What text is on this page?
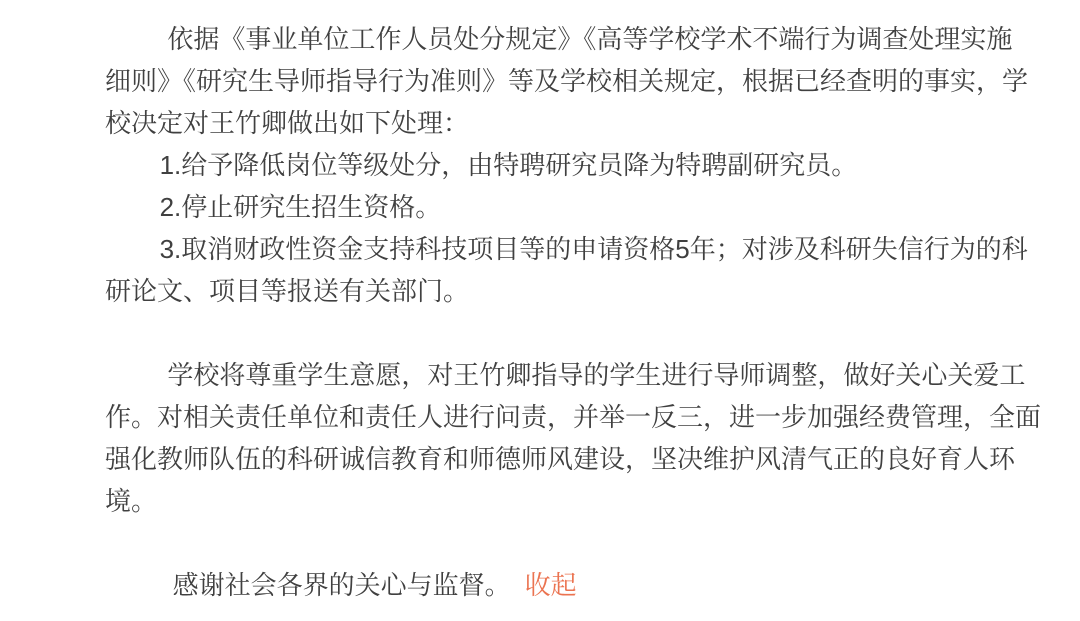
依据《事业单位工作人员处分规定》《高等学校学术不端行为调查处理实施
细则》《研究生导师指导行为准则》等及学校相关规定，根据已经查明的事实，学
校决定对王竹卿做出如下处理：
1.给予降低岗位等级处分，由特聘研究员降为特聘副研究员。
2.停止研究生招生资格。
3.取消财政性资金支持科技项目等的申请资格5年；对涉及科研失信行为的科
研论文、项目等报送有关部门。
学校将尊重学生意愿，对王竹卿指导的学生进行导师调整，做好关心关爱工
作。对相关责任单位和责任人进行问责，并举一反三，进一步加强经费管理，全面
强化教师队伍的科研诚信教育和师德师风建设，坚决维护风清气正的良好育人环
境。
感谢社会各界的关心与监督。 收起
